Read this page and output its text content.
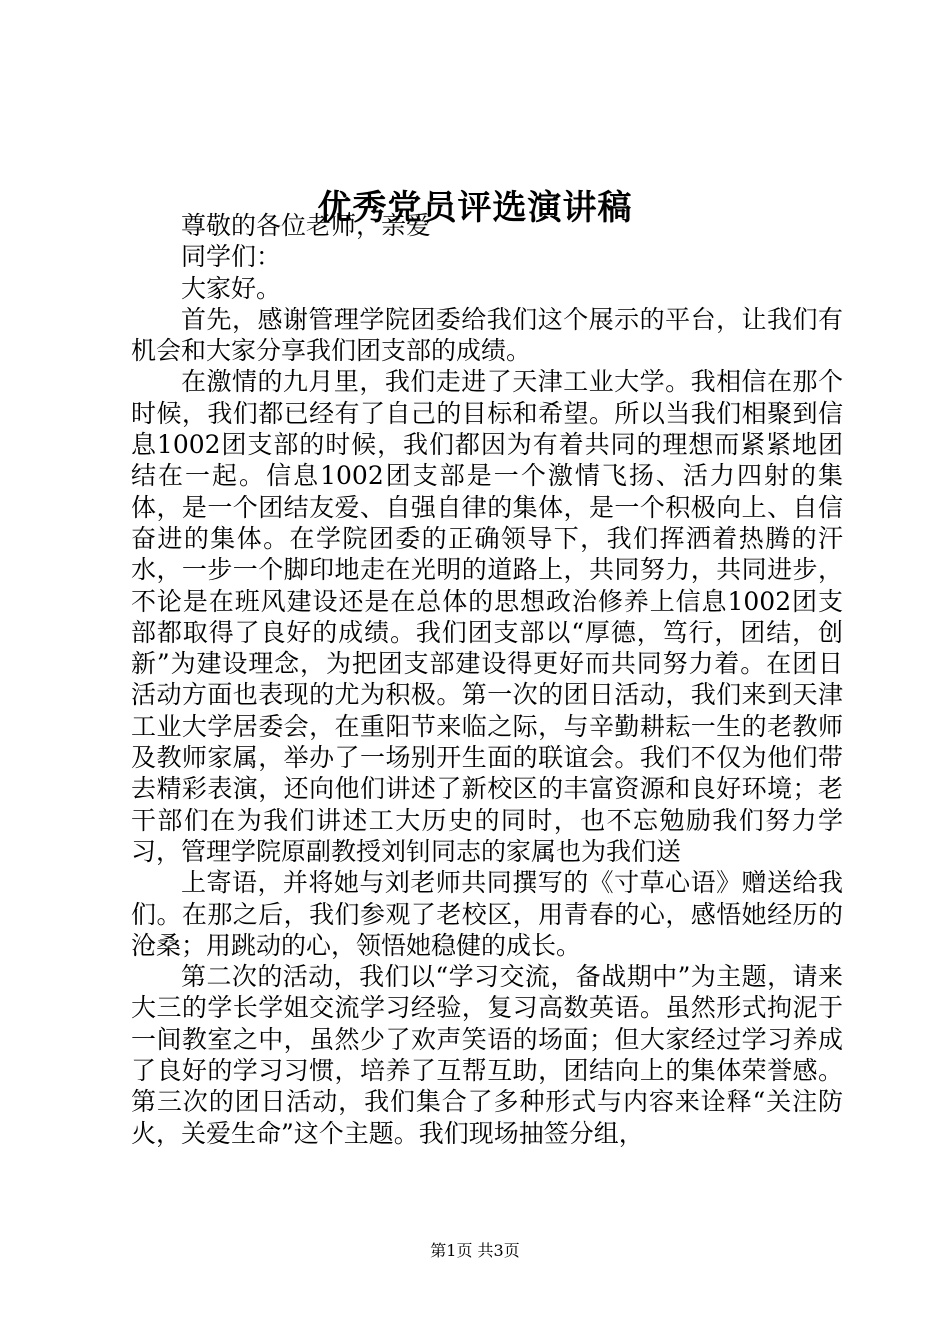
优秀党员评选演讲稿

尊敬的各位老师，亲爱

同学们：

大家好。

首先，感谢管理学院团委给我们这个展示的平台，让我们有机会和大家分享我们团支部的成绩。

在激情的九月里，我们走进了天津工业大学。我相信在那个时候，我们都已经有了自己的目标和希望。所以当我们相聚到信息1002团支部的时候，我们都因为有着共同的理想而紧紧地团结在一起。信息1002团支部是一个激情飞扬、活力四射的集体，是一个团结友爱、自强自律的集体，是一个积极向上、自信奋进的集体。在学院团委的正确领导下，我们挥洒着热腾的汗水，一步一个脚印地走在光明的道路上，共同努力，共同进步，不论是在班风建设还是在总体的思想政治修养上信息1002团支部都取得了良好的成绩。我们团支部以“厚德，笃行，团结，创新”为建设理念，为把团支部建设得更好而共同努力着。在团日活动方面也表现的尤为积极。第一次的团日活动，我们来到天津工业大学居委会，在重阳节来临之际，与辛勤耕耘一生的老教师及教师家属，举办了一场别开生面的联谊会。我们不仅为他们带去精彩表演，还向他们讲述了新校区的丰富资源和良好环境；老干部们在为我们讲述工大历史的同时，也不忘勉励我们努力学习，管理学院原副教授刘钊同志的家属也为我们送

上寄语，并将她与刘老师共同撰写的《寸草心语》赠送给我们。在那之后，我们参观了老校区，用青春的心，感悟她经历的沧桑；用跳动的心，领悟她稳健的成长。

第二次的活动，我们以“学习交流，备战期中”为主题，请来大三的学长学姐交流学习经验，复习高数英语。虽然形式拘泥于一间教室之中，虽然少了欢声笑语的场面；但大家经过学习养成了良好的学习习惯，培养了互帮互助，团结向上的集体荣誉感。第三次的团日活动，我们集合了多种形式与内容来诠释“关注防火，关爱生命”这个主题。我们现场抽签分组，

第1页 共3页
